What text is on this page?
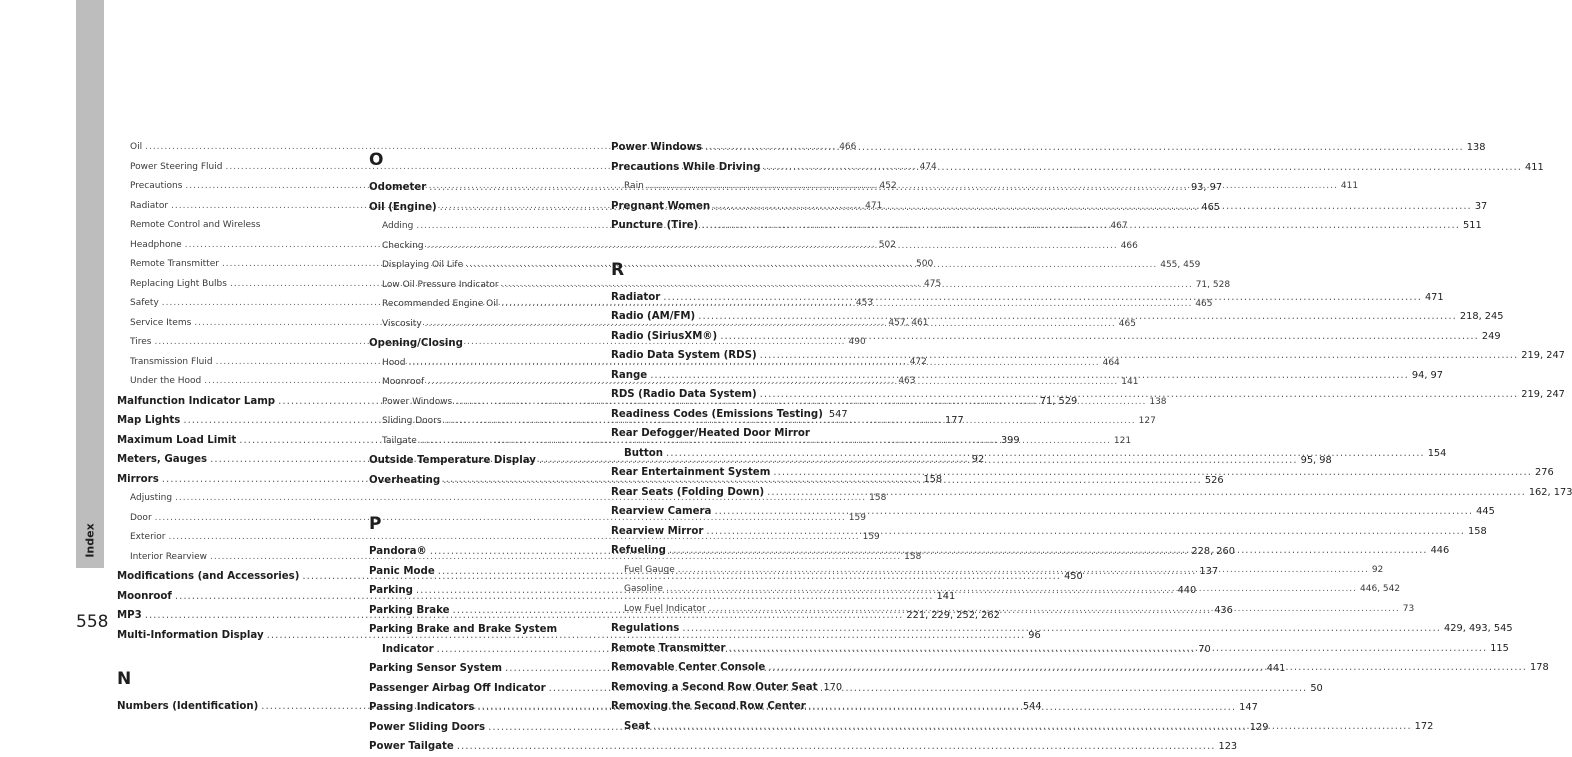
Index
Oil .....	466
Power Steering Fluid .....	474
Precautions .....	452
Radiator .....	471
Remote Control and Wireless
Headphone .....	502
Remote Transmitter .....	500
Replacing Light Bulbs .....	475
Safety .....	453
Service Items .....	457, 461
Tires .....	490
Transmission Fluid .....	472
Under the Hood .....	463
Malfunction Indicator Lamp .....	71, 529
Map Lights .....	177
Maximum Load Limit .....	399
Meters, Gauges .....	92
Mirrors .....	158
Adjusting .....	158
Door .....	159
Exterior .....	159
Interior Rearview .....	158
Modifications (and Accessories) .....	450
Moonroof .....	141
MP3 .....	221, 229, 252, 262
Multi-Information Display .....	96
N
Numbers (Identification) .....	544
O
Odometer .....	93, 97
Oil (Engine) .....	465
Adding .....	467
Checking .....	466
Displaying Oil Life .....	455, 459
Low Oil Pressure Indicator .....	71, 528
Recommended Engine Oil .....	465
Viscosity .....	465
Opening/Closing
Hood .....	464
Moonroof .....	141
Power Windows .....	138
Sliding Doors .....	127
Tailgate .....	121
Outside Temperature Display .....	95, 98
Overheating .....	526
P
Pandora® .....	228, 260
Panic Mode .....	137
Parking .....	440
Parking Brake .....	436
Parking Brake and Brake System
Indicator .....	70
Parking Sensor System .....	441
Passenger Airbag Off Indicator .....	50
Passing Indicators .....	147
Power Sliding Doors .....	129
Power Tailgate .....	123
Power Windows .....	138
Precautions While Driving .....	411
Rain .....	411
Pregnant Women .....	37
Puncture (Tire) .....	511
R
Radiator .....	471
Radio (AM/FM) .....	218, 245
Radio (SiriusXM®) .....	249
Radio Data System (RDS) .....	219, 247
Range .....	94, 97
RDS (Radio Data System) .....	219, 247
Readiness Codes (Emissions Testing) 547
Rear Defogger/Heated Door Mirror
Button .....	154
Rear Entertainment System .....	276
Rear Seats (Folding Down) .....	162, 173
Rearview Camera .....	445
Rearview Mirror .....	158
Refueling .....	446
Fuel Gauge .....	92
Gasoline .....	446, 542
Low Fuel Indicator .....	73
Regulations .....	429, 493, 545
Remote Transmitter .....	115
Removable Center Console .....	178
Removing a Second Row Outer Seat 170
Removing the Second Row Center
Seat .....	172
558
